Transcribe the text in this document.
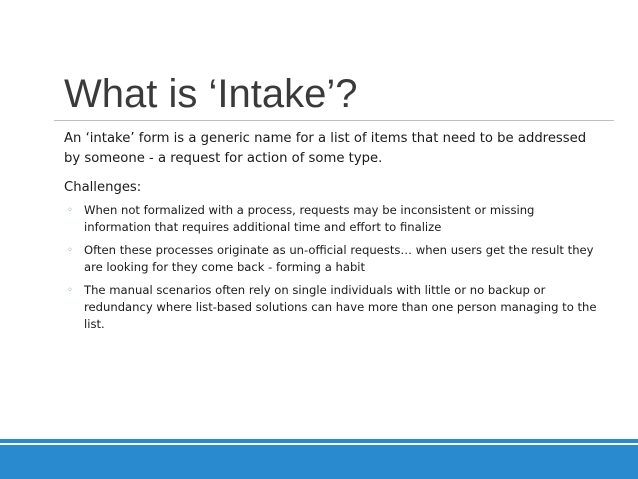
What is ‘Intake’?

An ‘intake’ form is a generic name for a list of items that need to be addressed by someone - a request for action of some type.

Challenges:

◦ When not formalized with a process, requests may be inconsistent or missing information that requires additional time and effort to finalize
◦ Often these processes originate as un-official requests… when users get the result they are looking for they come back - forming a habit
◦ The manual scenarios often rely on single individuals with little or no backup or redundancy where list-based solutions can have more than one person managing to the list.
